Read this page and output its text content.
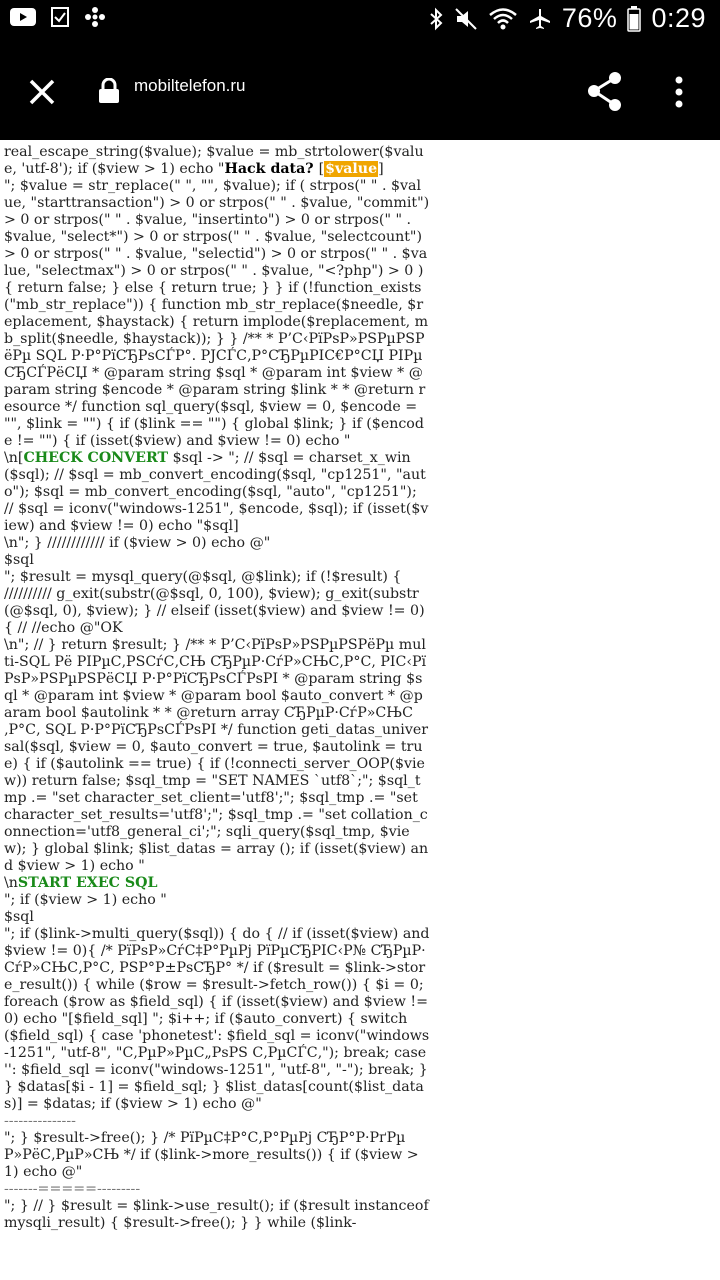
76% 0:29
mobiltelefon.ru
real_escape_string($value); $value = mb_strtolower($value, 'utf-8'); if ($view > 1) echo "Hack data? [$value]
"; $value = str_replace(" ", "", $value); if ( strpos(" " . $value, "starttransaction") > 0 or strpos(" " . $value, "commit") > 0 or strpos(" " . $value, "insertinto") > 0 or strpos(" " . $value, "select*") > 0 or strpos(" " . $value, "selectcount") > 0 or strpos(" " . $value, "selectid") > 0 or strpos(" " . $value, "selectmax") > 0 or strpos(" " . $value, "<?php") > 0 ) { return false; } else { return true; } } if (!function_exists("mb_str_replace")) { function mb_str_replace($needle, $replacement, $haystack) { return implode($replacement, mb_split($needle, $haystack)); } } /** * Р’С‹РїРѕР»РЅРµРЅРёРµ SQL Р·Р°РїСЂРѕСЃР°. РЈСЃС‚Р°СЂРµРІС€Р°СЏ РІРµСЂСЃРёСЏ * @param string $sql * @param int $view * @param string $encode * @param string $link * * @return resource */ function sql_query($sql, $view = 0, $encode = "", $link = "") { if ($link == "") { global $link; } if ($encode != "") { if (isset($view) and $view != 0) echo "
\n[CHECK CONVERT $sql -> "; // $sql = charset_x_win($sql); // $sql = mb_convert_encoding($sql, "cp1251", "auto"); $sql = mb_convert_encoding($sql, "auto", "cp1251"); // $sql = iconv("windows-1251", $encode, $sql); if (isset($view) and $view != 0) echo "$sql]
\n"; } //////////// if ($view > 0) echo @"
$sql
"; $result = mysql_query(@$sql, @$link); if (!$result) { ////////// g_exit(substr(@$sql, 0, 100), $view); g_exit(substr(@$sql, 0), $view); } // elseif (isset($view) and $view != 0) { // //echo @"OK
\n"; // } return $result; } /** * Р’С‹РїРѕР»РЅРµРЅРёРµ multi-SQL Рё РІРµС‚РЅСѓС‚СЊ СЂРµР·СѓР»СЊС‚Р°С‚ РІС‹РїРѕР»РЅРµРЅРёСЏ Р·Р°РїСЂРѕСЃРѕРІ * @param string $sql * @param int $view * @param bool $auto_convert * @param bool $autolink * * @return array СЂРµР·СѓР»СЊС‚Р°С‚ SQL Р·Р°РїСЂРѕСЃРѕРІ */ function geti_datas_universal($sql, $view = 0, $auto_convert = true, $autolink = true) { if ($autolink == true) { if (!connecti_server_OOP($view)) return false; $sql_tmp = "SET NAMES `utf8`;"; $sql_tmp .= "set character_set_client='utf8';"; $sql_tmp .= "set character_set_results='utf8';"; $sql_tmp .= "set collation_connection='utf8_general_ci';"; sqli_query($sql_tmp, $view); } global $link; $list_datas = array (); if (isset($view) and $view > 1) echo "
\nSTART EXEC SQL
"; if ($view > 1) echo "
$sql
"; if ($link->multi_query($sql)) { do { // if (isset($view) and $view != 0){ /* РїРѕР»СѓС‡Р°РµРј РїРµСЂРІС‹Р№ СЂРµР·СѓР»СЊС‚Р°С‚ РЅР°Р±РѕСЂР° */ if ($result = $link->store_result()) { while ($row = $result->fetch_row()) { $i = 0; foreach ($row as $field_sql) { if (isset($view) and $view != 0) echo "[$field_sql] "; $i++; if ($auto_convert) { switch ($field_sql) { case 'phonetest': $field_sql = iconv("windows-1251", "utf-8", "С‚РµР»РµС„РѕРЅ С‚РµСЃС‚"); break; case '': $field_sql = iconv("windows-1251", "utf-8", "-"); break; } } $datas[$i - 1] = $field_sql; } $list_datas[count($list_datas)] = $datas; if ($view > 1) echo @"
---------------
"; } $result->free(); } /* РїРµС‡Р°С‚Р°РµРј СЂР°Р·РґРµР»РёС‚РµР»СЊ */ if ($link->more_results()) { if ($view > 1) echo @"
-------=====---------
"; } // } $result = $link->use_result(); if ($result instanceof mysqli_result) { $result->free(); } } while ($link-
